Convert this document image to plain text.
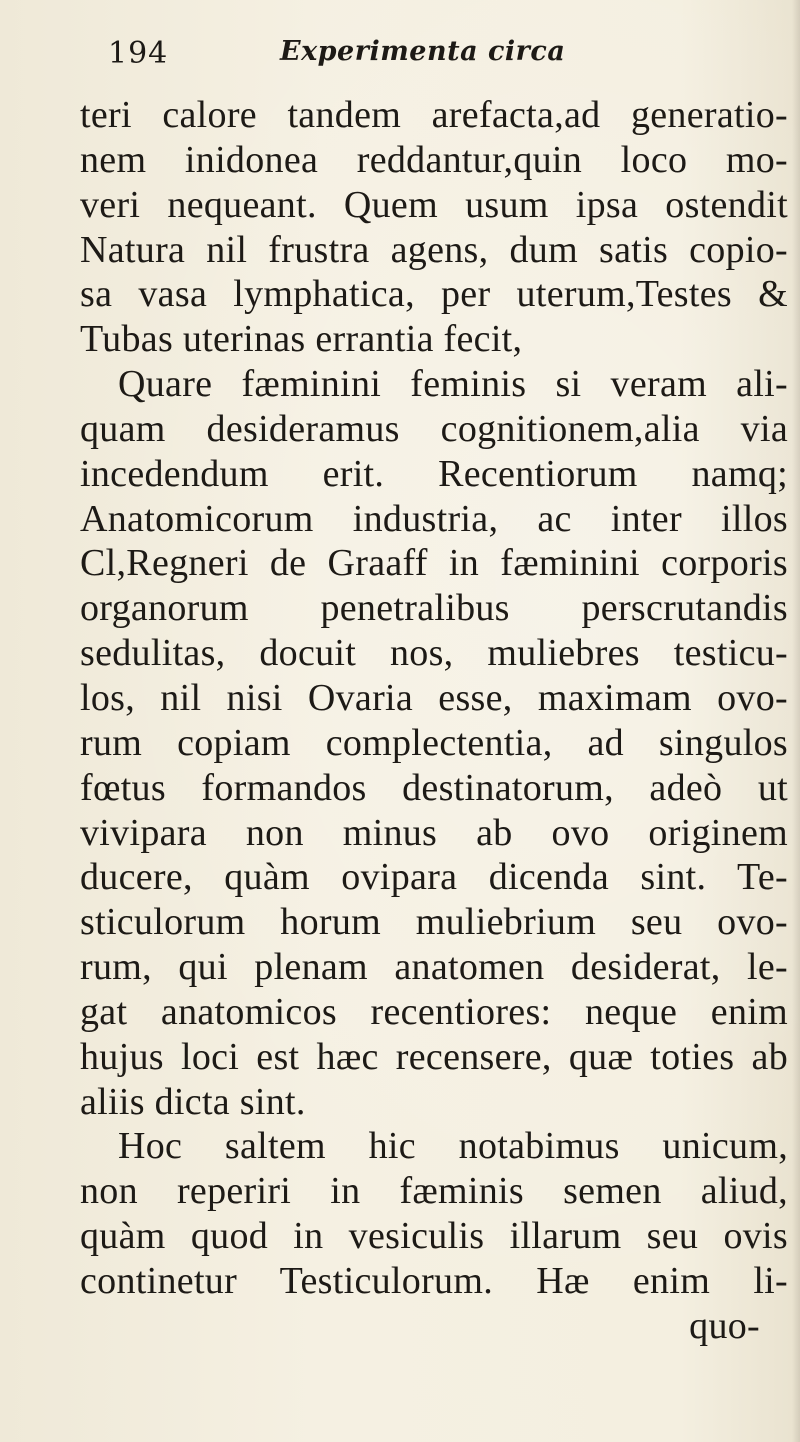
194	Experimenta circa
teri calore tandem arefacta,ad generatio-
nem inidonea reddantur,quin loco mo-
veri nequeant. Quem usum ipsa ostendit
Natura nil frustra agens, dum satis copio-
sa vasa lymphatica, per uterum,Testes &
Tubas uterinas errantia fecit,
Quare fæminini feminis si veram ali-
quam desideramus cognitionem,alia via
incedendum erit. Recentiorum namq;
Anatomicorum industria, ac inter illos
Cl,Regneri de Graaff in fæminini corporis
organorum penetralibus perscrutandis
sedulitas, docuit nos, muliebres testicu-
los, nil nisi Ovaria esse, maximam ovo-
rum copiam complectentia, ad singulos
fœtus formandos destinatorum, adeò ut
vivipara non minus ab ovo originem
ducere, quàm ovipara dicenda sint. Te-
sticulorum horum muliebrium seu ovo-
rum, qui plenam anatomen desiderat, le-
gat anatomicos recentiores: neque enim
hujus loci est hæc recensere, quæ toties ab
aliis dicta sint.
Hoc saltem hic notabimus unicum,
non reperiri in fæminis semen aliud,
quàm quod in vesiculis illarum seu ovis
continetur Testiculorum. Hæ enim li-
quo-
